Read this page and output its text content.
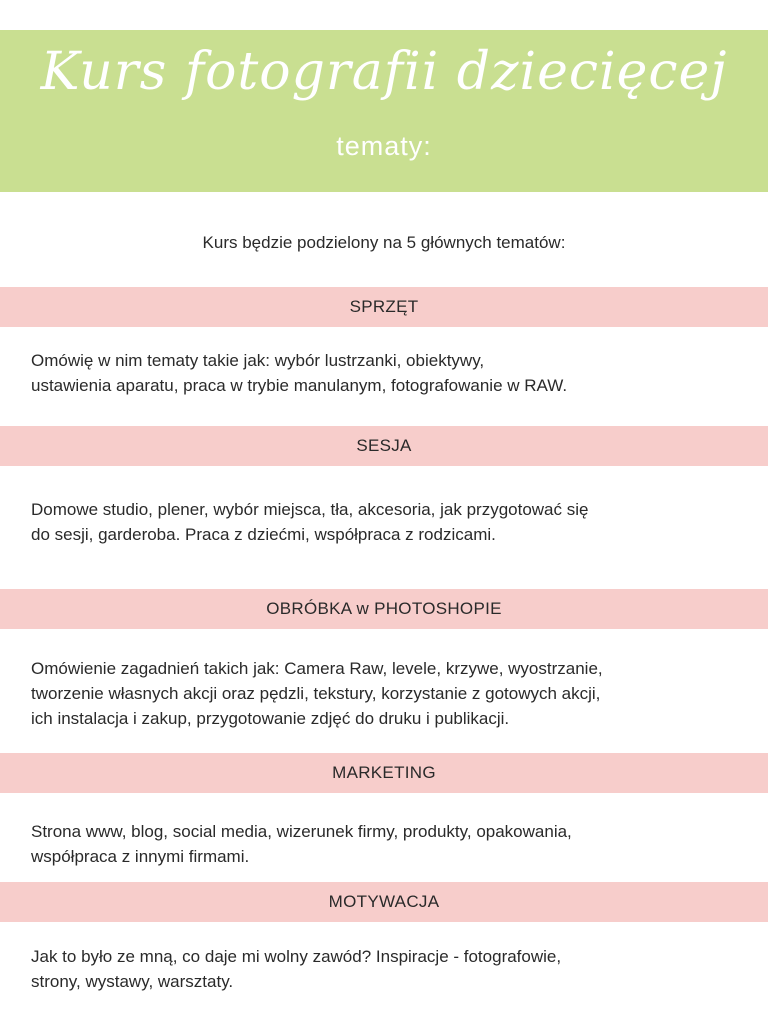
Kurs fotografii dziecięcej
tematy:
Kurs będzie podzielony na 5 głównych tematów:
SPRZĘT
Omówię w nim tematy takie jak: wybór lustrzanki, obiektywy,
ustawienia aparatu, praca w trybie manulanym, fotografowanie w RAW.
SESJA
Domowe studio, plener, wybór miejsca, tła, akcesoria, jak przygotować się
do sesji, garderoba. Praca z dziećmi, współpraca z rodzicami.
OBRÓBKA w PHOTOSHOPIE
Omówienie zagadnień takich jak: Camera Raw, levele, krzywe, wyostrzanie,
tworzenie własnych akcji oraz pędzli, tekstury, korzystanie z gotowych akcji,
ich instalacja i zakup, przygotowanie zdjęć do druku i publikacji.
MARKETING
Strona www, blog, social media, wizerunek firmy, produkty, opakowania,
współpraca z innymi firmami.
MOTYWACJA
Jak to było ze mną, co daje mi wolny zawód? Inspiracje - fotografowie,
strony, wystawy, warsztaty.
